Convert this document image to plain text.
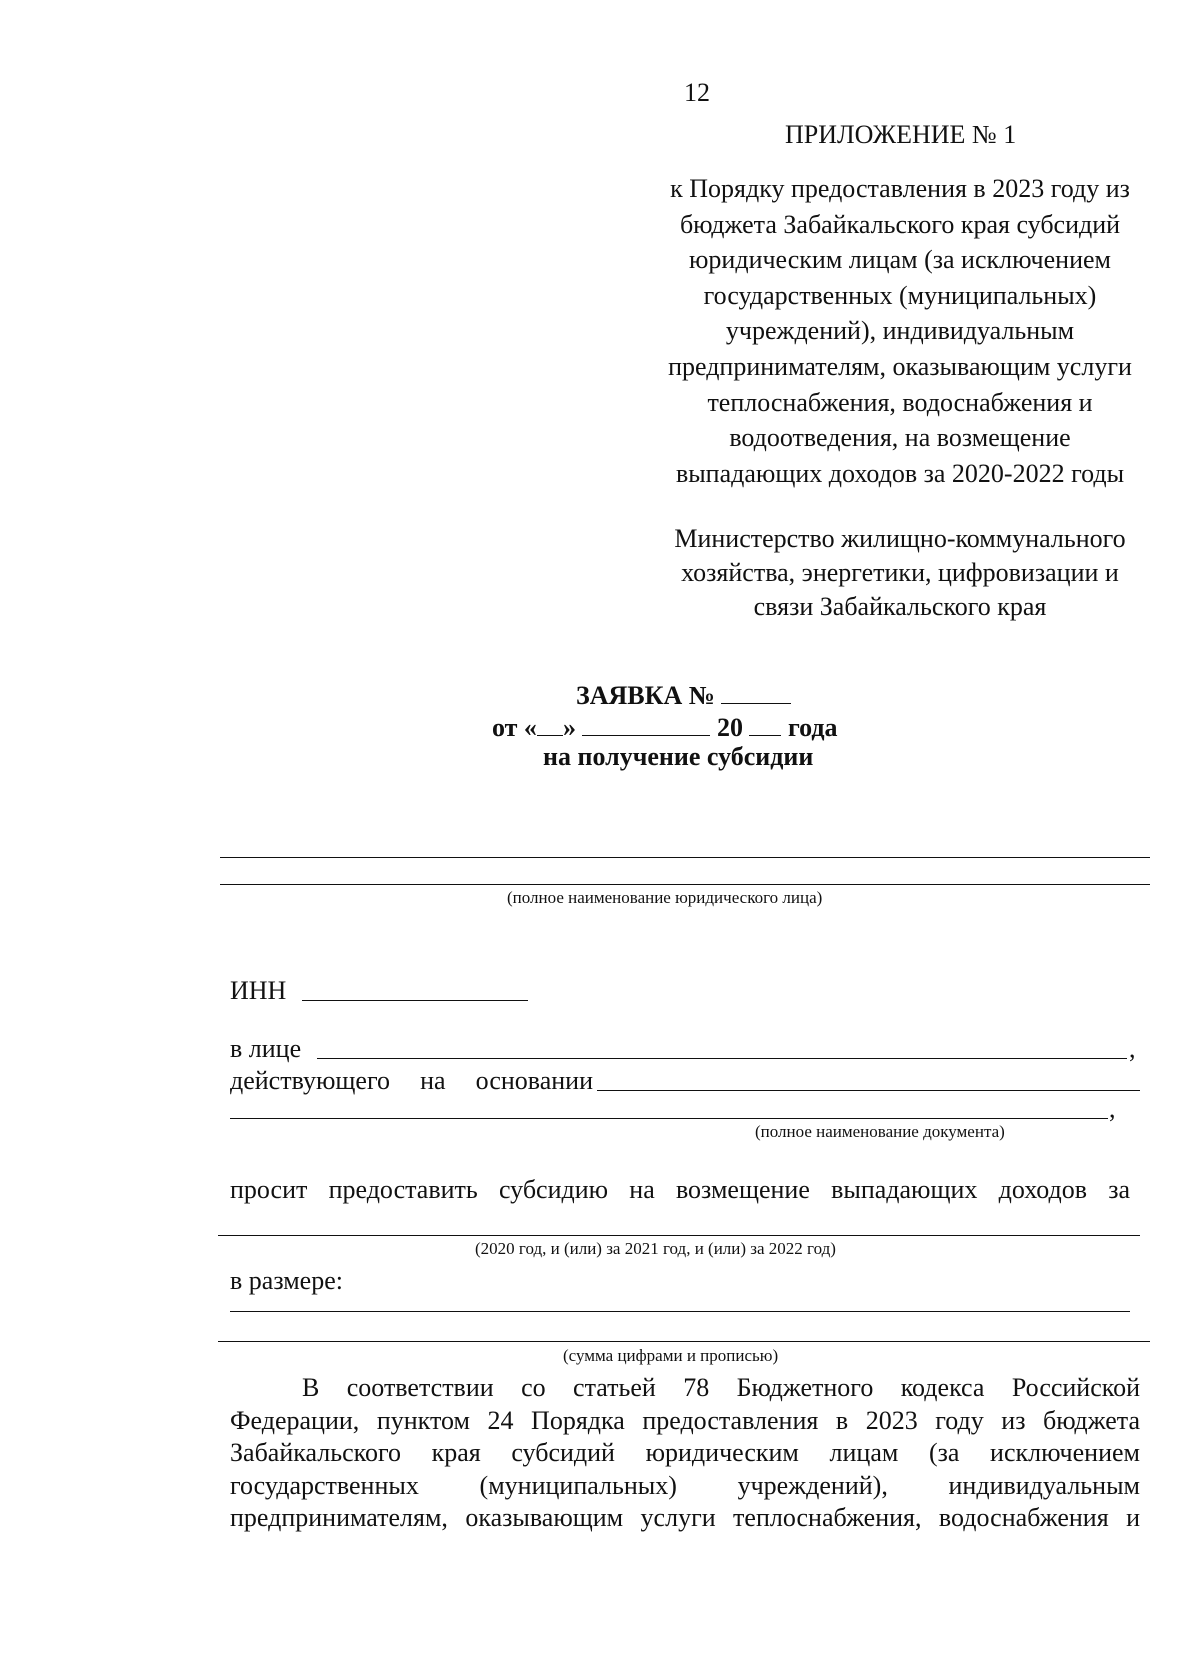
12
ПРИЛОЖЕНИЕ № 1
к Порядку предоставления в 2023 году из
бюджета Забайкальского края субсидий
юридическим лицам (за исключением
государственных (муниципальных)
учреждений), индивидуальным
предпринимателям, оказывающим услуги
теплоснабжения, водоснабжения и
водоотведения, на возмещение
выпадающих доходов за 2020-2022 годы
Министерство жилищно-коммунального
хозяйства, энергетики, цифровизации и
связи Забайкальского края
ЗАЯВКА №
от « »	20 года
на получение субсидии
(полное наименование юридического лица)
ИНН
в лице	,
действующего на основании
,
(полное наименование документа)
просит предоставить субсидию на возмещение выпадающих доходов за
(2020 год, и (или) за 2021 год, и (или) за 2022 год)
в размере:
(сумма цифрами и прописью)
В соответствии со статьей 78 Бюджетного кодекса Российской
Федерации, пунктом 24 Порядка предоставления в 2023 году из бюджета
Забайкальского края субсидий юридическим лицам (за исключением
государственных (муниципальных) учреждений), индивидуальным
предпринимателям, оказывающим услуги теплоснабжения, водоснабжения и
